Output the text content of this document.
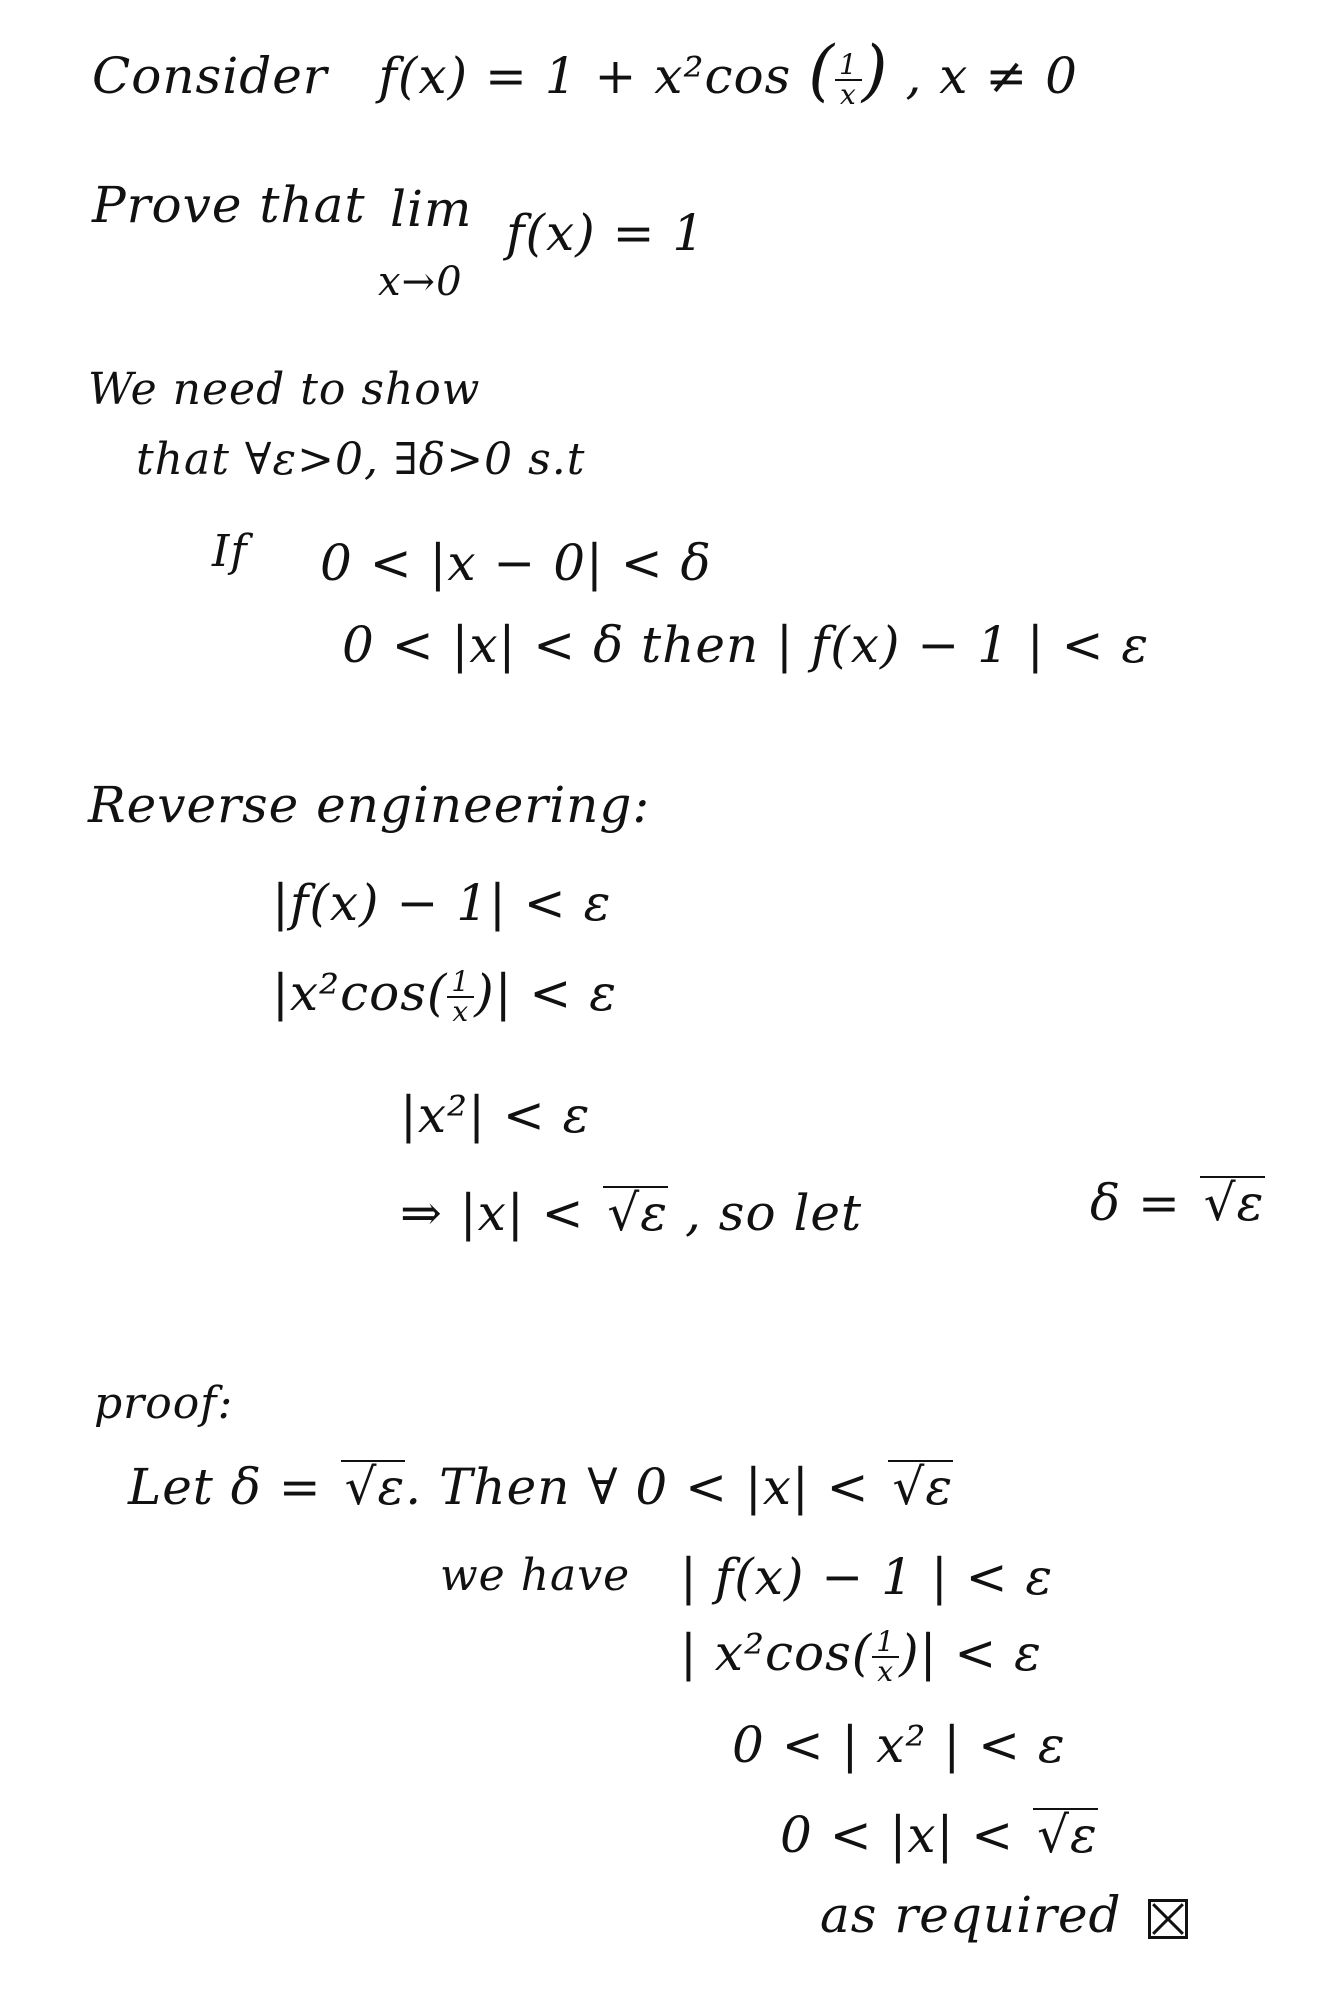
Consider f(x) = 1 + x²cos ( $\frac{1}{x}$ ) , x ≠ 0
Prove that lim
x→0
f(x) = 1
We need to show
that ∀ε>0, ∃δ>0 s.t
If 0 < |x − 0| < δ
0 < |x| < δ then | f(x) − 1 | < ε
Reverse engineering:
|f(x) − 1| < ε
$|x^2\cos( \frac{1}{x}$ )| < ε
|x²| < ε
⇒ |x| < √ε , so let	δ = √ε
proof:
Let δ = √ε. Then ∀ 0 < |x| < √ε
we have | f(x) − 1 | < ε
| $x^2\cos( \frac{1}{x}$ )| < ε
0 < | x² | < ε
0 < |x| < √ε
as required
